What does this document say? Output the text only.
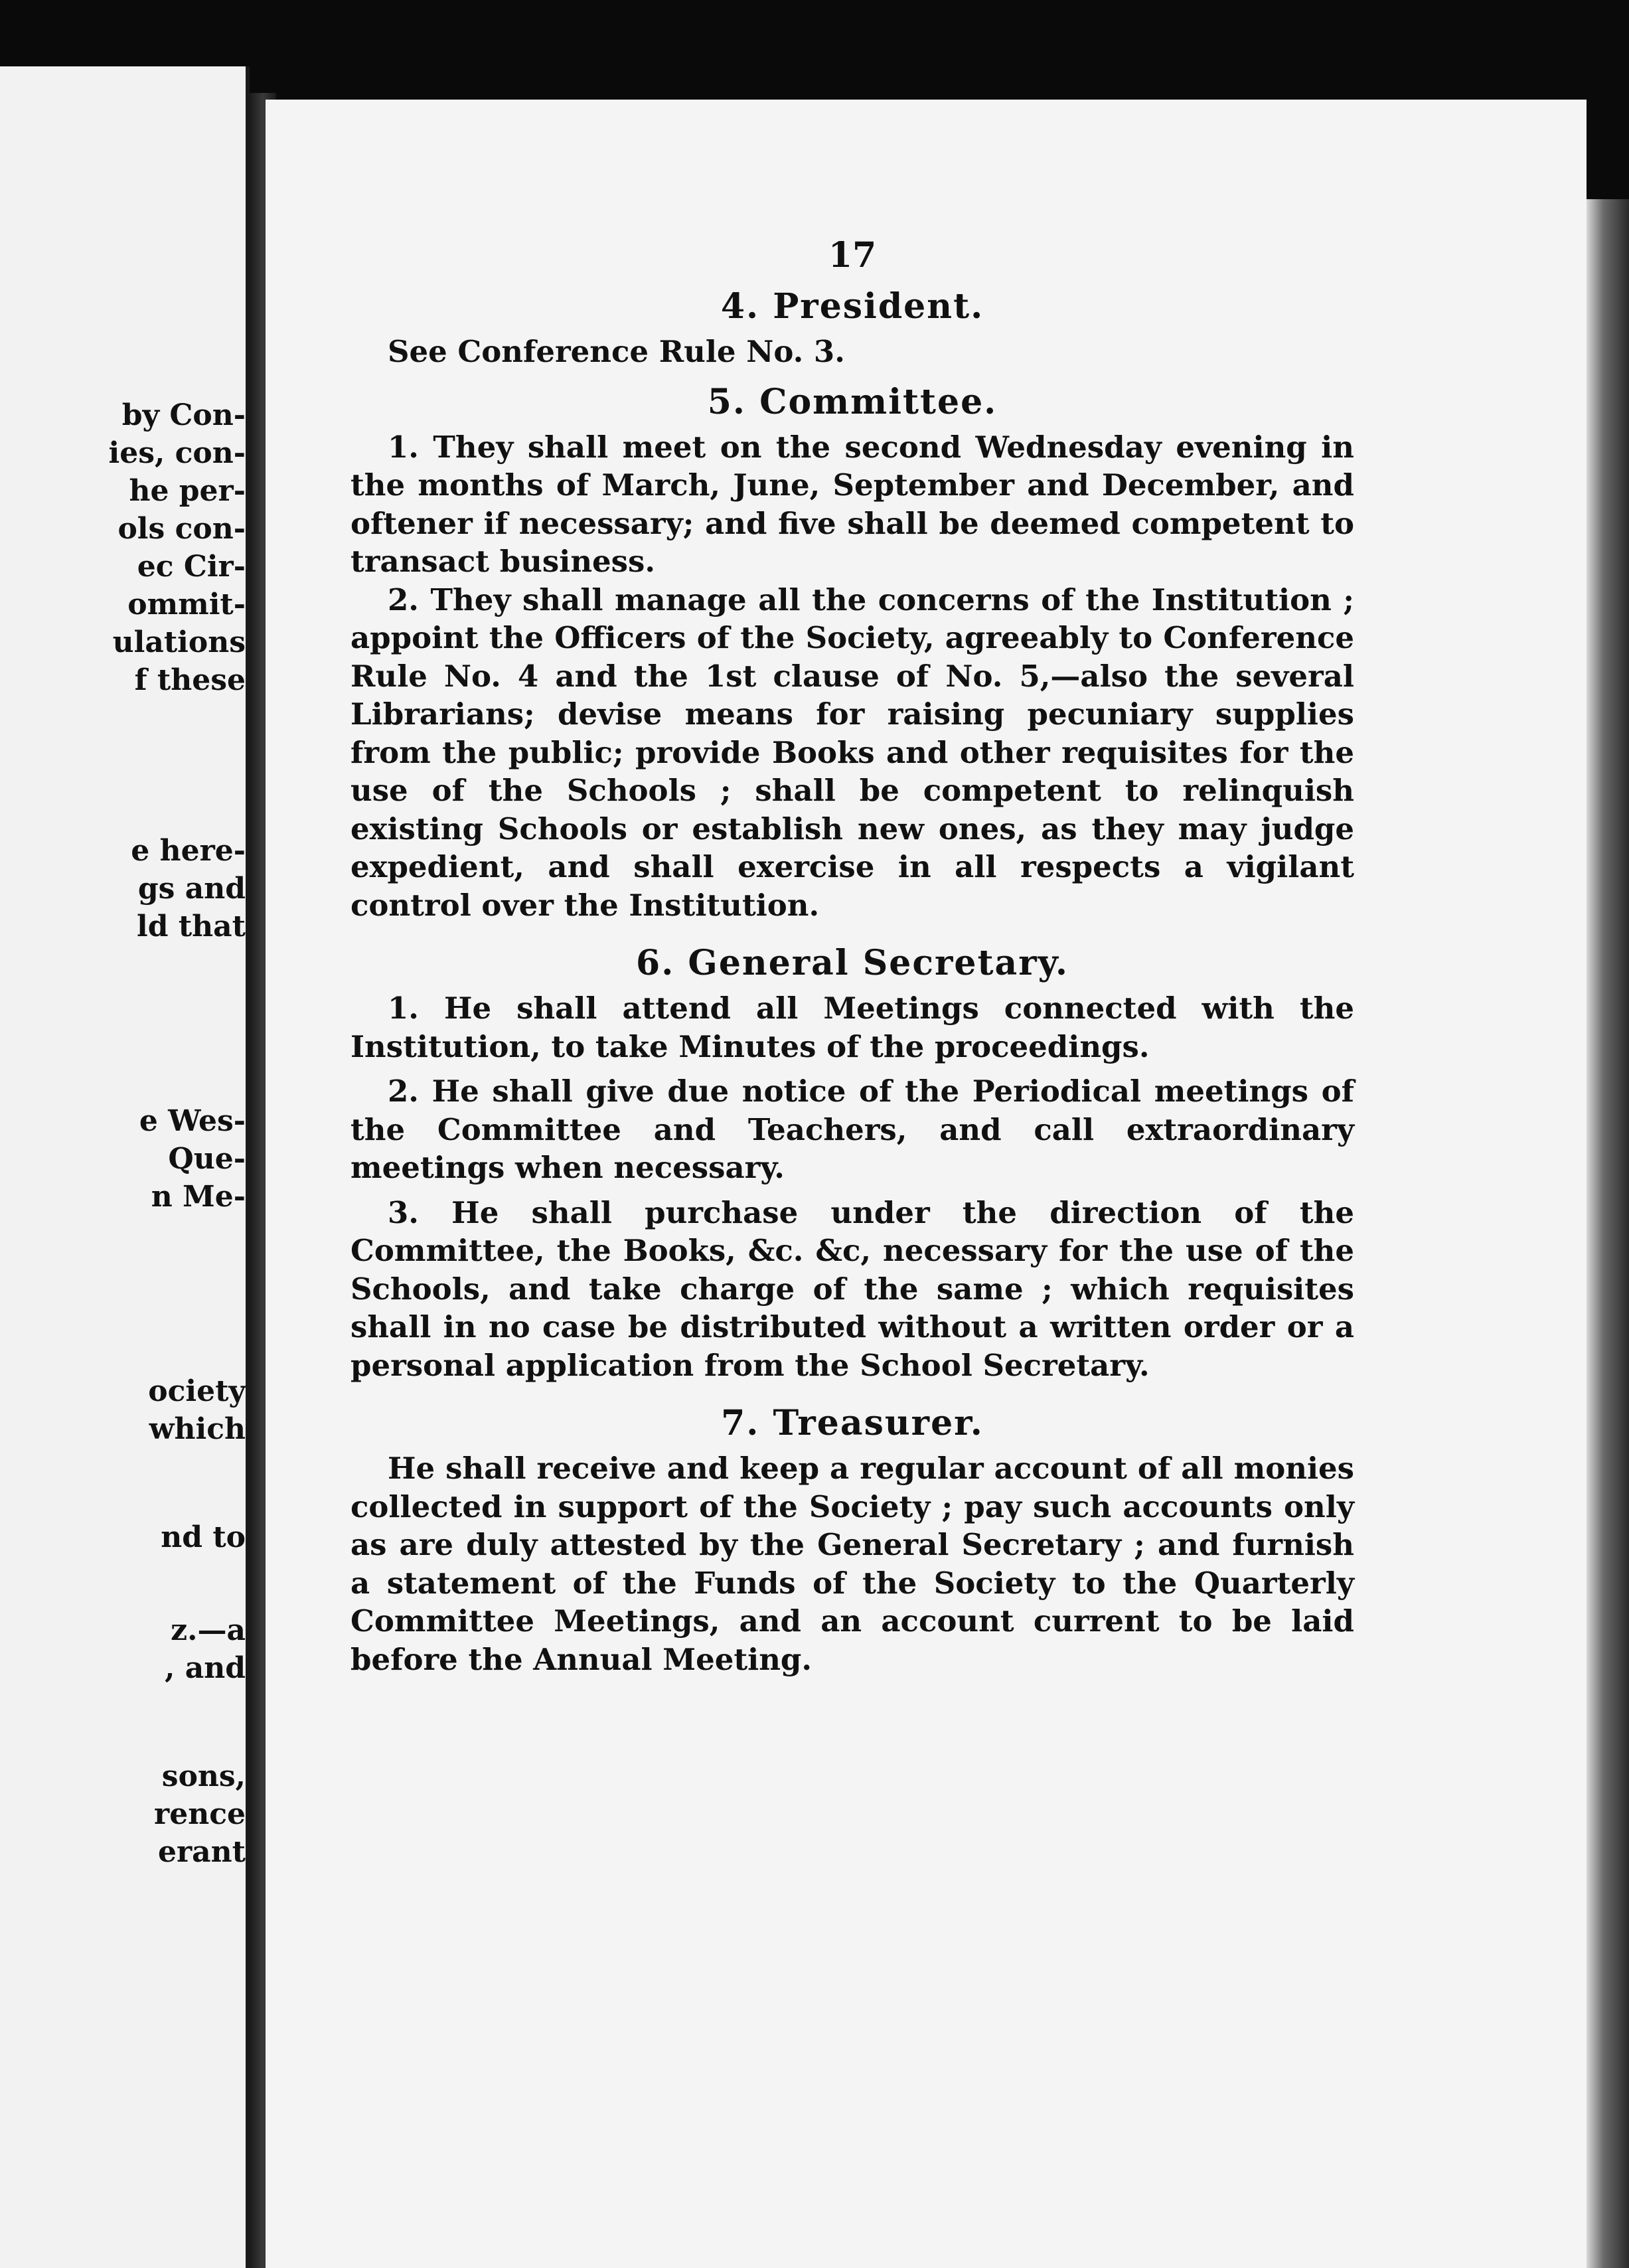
by Con-
ies, con-
he per-
ols con-
ec Cir-
ommit-
ulations
f these
e here-
gs and
ld that
e Wes-
Que-
n Me-
ociety
which
nd to
z.—a
, and
sons,
rence
erant
17
4. President.

See Conference Rule No. 3.

5. Committee.

1. They shall meet on the second Wednesday evening in the months of March, June, September and December, and oftener if necessary; and five shall be deemed competent to transact business.

2. They shall manage all the concerns of the Institution ; appoint the Officers of the Society, agreeably to Conference Rule No. 4 and the 1st clause of No. 5,—also the several Librarians; devise means for raising pecuniary supplies from the public; provide Books and other requisites for the use of the Schools ; shall be competent to relinquish existing Schools or establish new ones, as they may judge expedient, and shall exercise in all respects a vigilant control over the Institution.

6. General Secretary.

1. He shall attend all Meetings connected with the Institution, to take Minutes of the proceedings.

2. He shall give due notice of the Periodical meetings of the Committee and Teachers, and call extraordinary meetings when necessary.

3. He shall purchase under the direction of the Committee, the Books, &c. &c, necessary for the use of the Schools, and take charge of the same ; which requisites shall in no case be distributed without a written order or a personal application from the School Secretary.

7. Treasurer.

He shall receive and keep a regular account of all monies collected in support of the Society ; pay such accounts only as are duly attested by the General Secretary ; and furnish a statement of the Funds of the Society to the Quarterly Committee Meetings, and an account current to be laid before the Annual Meeting.
